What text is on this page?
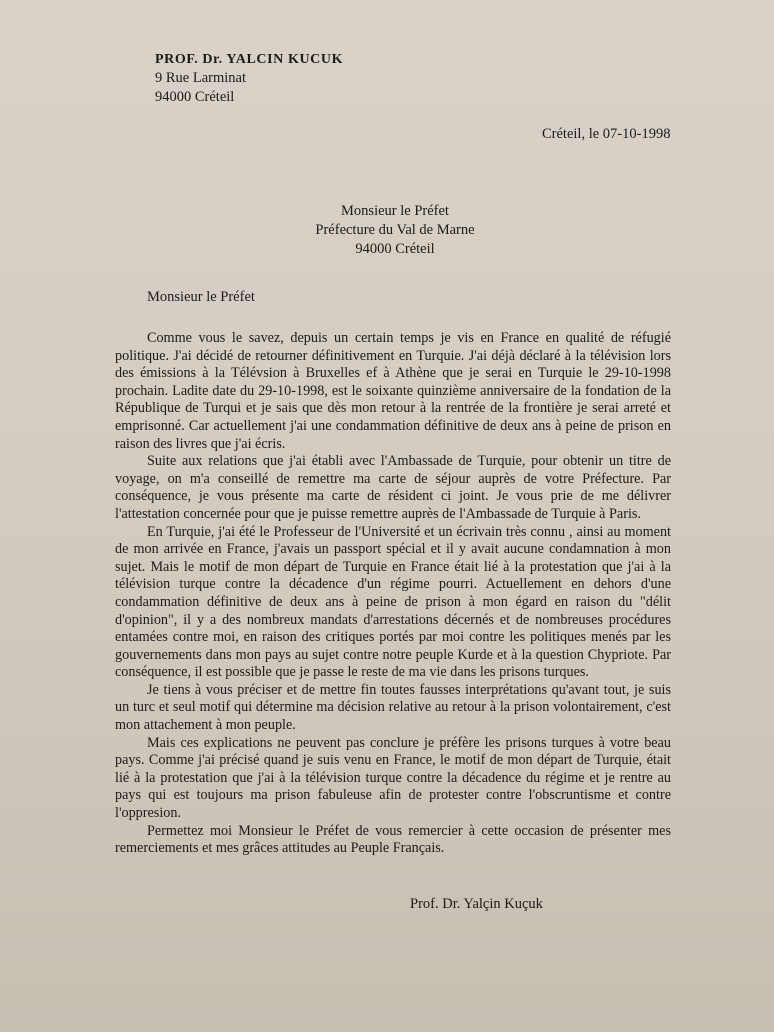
PROF. Dr. YALCIN KUCUK
9 Rue Larminat
94000 Créteil
Créteil, le 07-10-1998
Monsieur le Préfet
Préfecture du Val de Marne
94000 Créteil
Monsieur le Préfet

Comme vous le savez, depuis un certain temps je vis en France en qualité de réfugié politique. J'ai décidé de retourner définitivement en Turquie. J'ai déjà déclaré à la télévision lors des émissions à la Télévsion à Bruxelles ef à Athène que je serai en Turquie le 29-10-1998 prochain. Ladite date du 29-10-1998, est le soixante quinzième anniversaire de la fondation de la République de Turqui et je sais que dès mon retour à la rentrée de la frontière je serai arreté et emprisonné. Car actuellement j'ai une condammation définitive de deux ans à peine de prison en raison des livres que j'ai écris.

Suite aux relations que j'ai établi avec l'Ambassade de Turquie, pour obtenir un titre de voyage, on m'a conseillé de remettre ma carte de séjour auprès de votre Préfecture. Par conséquence, je vous présente ma carte de résident ci joint. Je vous prie de me délivrer l'attestation concernée pour que je puisse remettre auprès de l'Ambassade de Turquie à Paris.

En Turquie, j'ai été le Professeur de l'Université et un écrivain très connu , ainsi au moment de mon arrivée en France, j'avais un passport spécial et il y avait aucune condamnation à mon sujet. Mais le motif de mon départ de Turquie en France était lié à la protestation que j'ai à la télévision turque contre la décadence d'un régime pourri. Actuellement en dehors d'une condammation définitive de deux ans à peine de prison à mon égard en raison du "délit d'opinion", il y a des nombreux mandats d'arrestations décernés et de nombreuses procédures entamées contre moi, en raison des critiques portés par moi contre les politiques menés par les gouvernements dans mon pays au sujet contre notre peuple Kurde et à la question Chypriote. Par conséquence, il est possible que je passe le reste de ma vie dans les prisons turques.

Je tiens à vous préciser et de mettre fin toutes fausses interprétations qu'avant tout, je suis un turc et seul motif qui détermine ma décision relative au retour à la prison volontairement, c'est mon attachement à mon peuple.

Mais ces explications ne peuvent pas conclure je préfère les prisons turques à votre beau pays. Comme j'ai précisé quand je suis venu en France, le motif de mon départ de Turquie, était lié à la protestation que j'ai à la télévision turque contre la décadence du régime et je rentre au pays qui est toujours ma prison fabuleuse afin de protester contre l'obscruntisme et contre l'oppresion.

Permettez moi Monsieur le Préfet de vous remercier à cette occasion de présenter mes remerciements et mes grâces attitudes au Peuple Français.

Prof. Dr. Yalçin Kuçuk
